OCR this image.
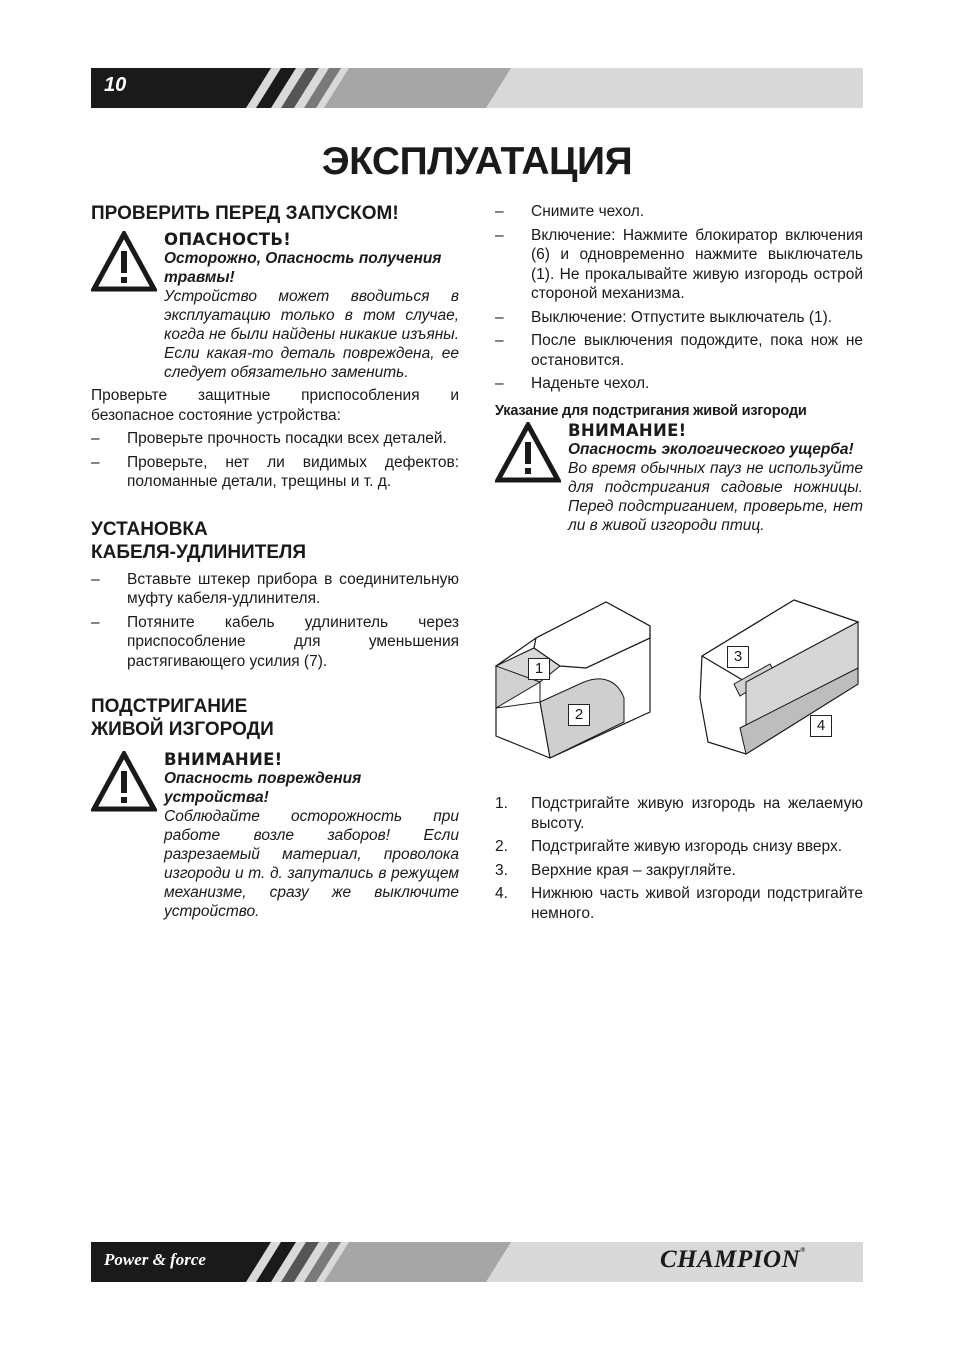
10
ЭКСПЛУАТАЦИЯ
ПРОВЕРИТЬ ПЕРЕД ЗАПУСКОМ!
ОПАСНОСТЬ!
Осторожно, Опасность получения травмы!
Устройство может вводиться в эксплуатацию только в том случае, когда не были найдены никакие изъяны. Если какая-то деталь повреждена, ее следует обязательно заменить.

Проверьте защитные приспособления и безопасное состояние устройства:

– Проверьте прочность посадки всех деталей.
– Проверьте, нет ли видимых дефектов: поломанные детали, трещины и т. д.
УСТАНОВКА
КАБЕЛЯ-УДЛИНИТЕЛЯ
– Вставьте штекер прибора в соединительную муфту кабеля-удлинителя.
– Потяните кабель удлинитель через приспособление для уменьшения растягивающего усилия (7).
ПОДСТРИГАНИЕ
ЖИВОЙ ИЗГОРОДИ
ВНИМАНИЕ!
Опасность повреждения устройства!
Соблюдайте осторожность при работе возле заборов! Если разрезаемый материал, проволока изгороди и т. д. запутались в режущем механизме, сразу же выключите устройство.
– Снимите чехол.
– Включение: Нажмите блокиратор включения (6) и одновременно нажмите выключатель (1). Не прокалывайте живую изгородь острой стороной механизма.
– Выключение: Отпустите выключатель (1).
– После выключения подождите, пока нож не остановится.
– Наденьте чехол.
Указание для подстригания живой изгороди
ВНИМАНИЕ!
Опасность экологического ущерба!
Во время обычных пауз не используйте для подстригания садовые ножницы. Перед подстриганием, проверьте, нет ли в живой изгороди птиц.
1
2
3
4
1. Подстригайте живую изгородь на желаемую высоту.
2. Подстригайте живую изгородь снизу вверх.
3. Верхние края – закругляйте.
4. Нижнюю часть живой изгороди подстригайте немного.
Power & force	CHAMPION®
